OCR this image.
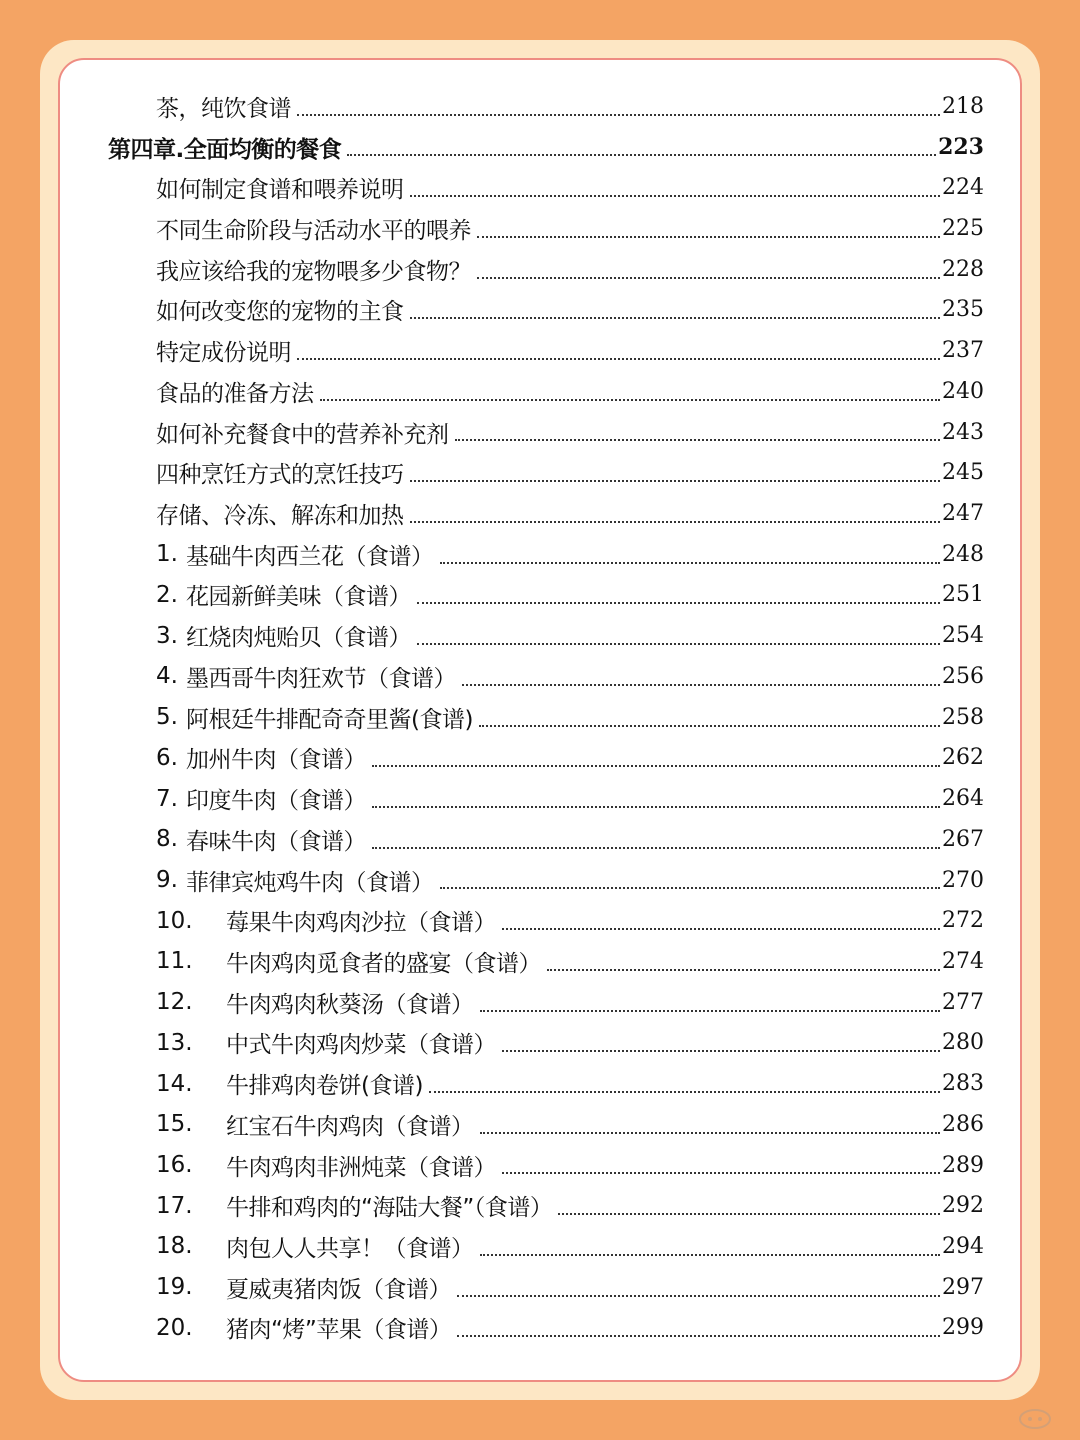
茶，纯饮食谱	218
第四章.全面均衡的餐食	223
如何制定食谱和喂养说明	224
不同生命阶段与活动水平的喂养	225
我应该给我的宠物喂多少食物？	228
如何改变您的宠物的主食	235
特定成份说明	237
食品的准备方法	240
如何补充餐食中的营养补充剂	243
四种烹饪方式的烹饪技巧	245
存储、冷冻、解冻和加热	247
1. 基础牛肉西兰花（食谱）	248
2. 花园新鲜美味（食谱）	251
3. 红烧肉炖贻贝（食谱）	254
4. 墨西哥牛肉狂欢节（食谱）	256
5. 阿根廷牛排配奇奇里酱(食谱)	258
6. 加州牛肉（食谱）	262
7. 印度牛肉（食谱）	264
8. 春味牛肉（食谱）	267
9. 菲律宾炖鸡牛肉（食谱）	270
10.	莓果牛肉鸡肉沙拉（食谱）	272
11.	牛肉鸡肉觅食者的盛宴（食谱）	274
12.	牛肉鸡肉秋葵汤（食谱）	277
13.	中式牛肉鸡肉炒菜（食谱）	280
14.	牛排鸡肉卷饼(食谱)	283
15.	红宝石牛肉鸡肉（食谱）	286
16.	牛肉鸡肉非洲炖菜（食谱）	289
17.	牛排和鸡肉的“海陆大餐”（食谱）	292
18.	肉包人人共享！（食谱）	294
19.	夏威夷猪肉饭（食谱）	297
20.	猪肉“烤”苹果（食谱）	299
